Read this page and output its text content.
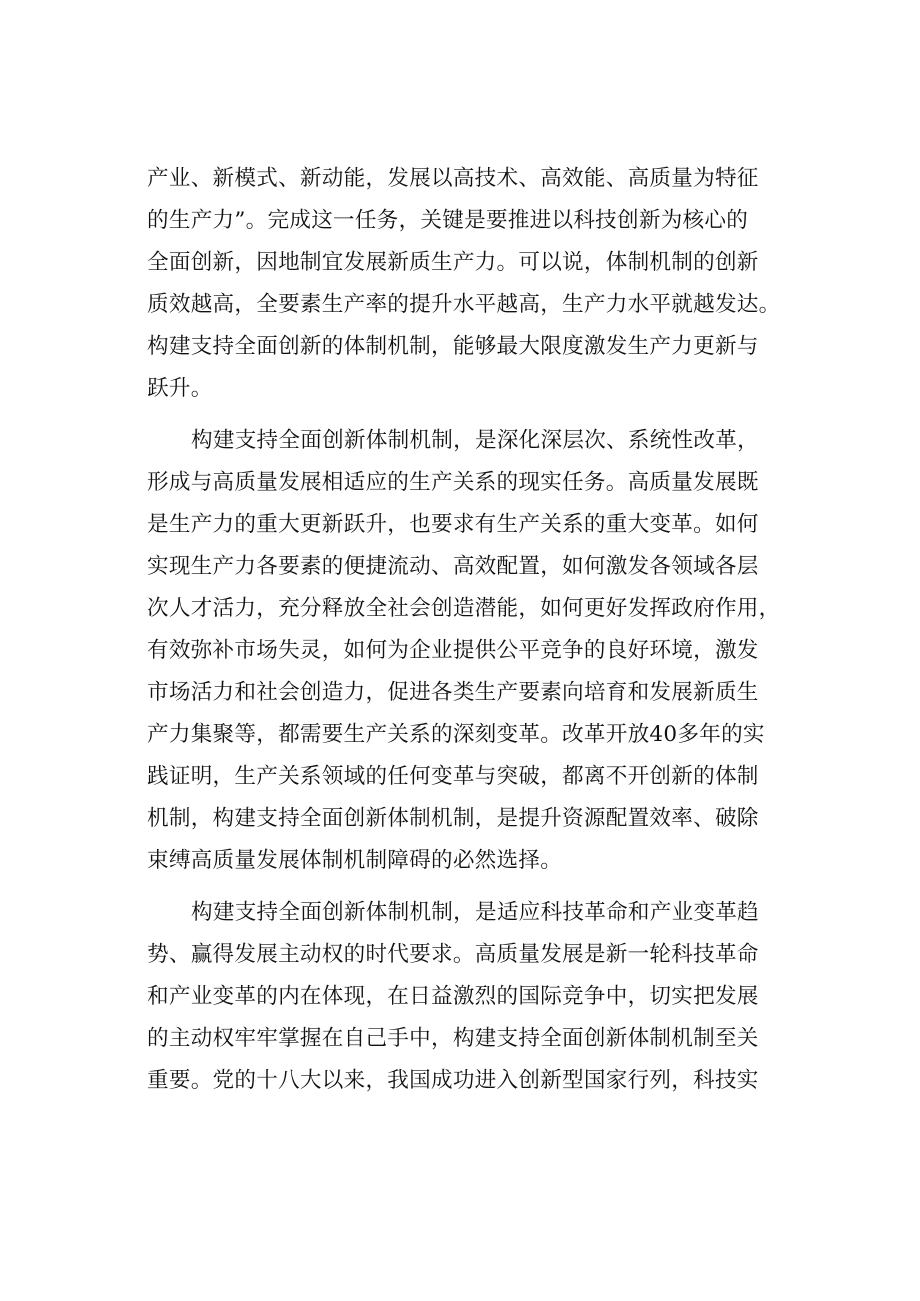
产业、新模式、新动能，发展以高技术、高效能、高质量为特征
的生产力”。完成这一任务，关键是要推进以科技创新为核心的
全面创新，因地制宜发展新质生产力。可以说，体制机制的创新
质效越高，全要素生产率的提升水平越高，生产力水平就越发达。
构建支持全面创新的体制机制，能够最大限度激发生产力更新与
跃升。
构建支持全面创新体制机制，是深化深层次、系统性改革，
形成与高质量发展相适应的生产关系的现实任务。高质量发展既
是生产力的重大更新跃升，也要求有生产关系的重大变革。如何
实现生产力各要素的便捷流动、高效配置，如何激发各领域各层
次人才活力，充分释放全社会创造潜能，如何更好发挥政府作用，
有效弥补市场失灵，如何为企业提供公平竞争的良好环境，激发
市场活力和社会创造力，促进各类生产要素向培育和发展新质生
产力集聚等，都需要生产关系的深刻变革。改革开放40多年的实
践证明，生产关系领域的任何变革与突破，都离不开创新的体制
机制，构建支持全面创新体制机制，是提升资源配置效率、破除
束缚高质量发展体制机制障碍的必然选择。
构建支持全面创新体制机制，是适应科技革命和产业变革趋
势、赢得发展主动权的时代要求。高质量发展是新一轮科技革命
和产业变革的内在体现，在日益激烈的国际竞争中，切实把发展
的主动权牢牢掌握在自己手中，构建支持全面创新体制机制至关
重要。党的十八大以来，我国成功进入创新型国家行列，科技实
